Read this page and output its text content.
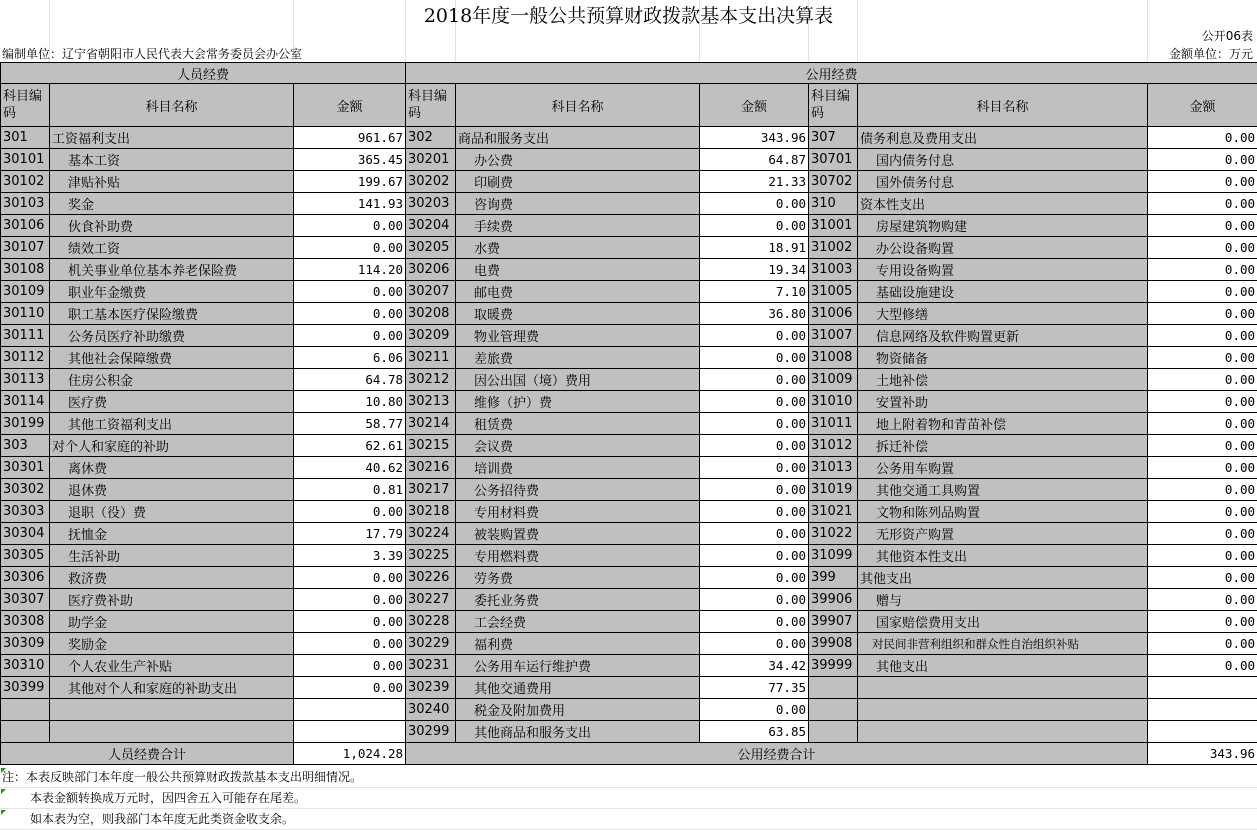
2018年度一般公共预算财政拨款基本支出决算表
公开06表
编制单位：辽宁省朝阳市人民代表大会常务委员会办公室	金额单位：万元
人员经费			公用经费					
科目编码	科目名称	金额	科目编码	科目名称	金额	科目编码	科目名称	金额
301	工资福利支出	961.67	302	商品和服务支出	343.96	307	债务利息及费用支出	0.00
30101	基本工资	365.45	30201	办公费	64.87	30701	国内债务付息	0.00
30102	津贴补贴	199.67	30202	印刷费	21.33	30702	国外债务付息	0.00
30103	奖金	141.93	30203	咨询费	0.00	310	资本性支出	0.00
30106	伙食补助费	0.00	30204	手续费	0.00	31001	房屋建筑物购建	0.00
30107	绩效工资	0.00	30205	水费	18.91	31002	办公设备购置	0.00
30108	机关事业单位基本养老保险费	114.20	30206	电费	19.34	31003	专用设备购置	0.00
30109	职业年金缴费	0.00	30207	邮电费	7.10	31005	基础设施建设	0.00
30110	职工基本医疗保险缴费	0.00	30208	取暖费	36.80	31006	大型修缮	0.00
30111	公务员医疗补助缴费	0.00	30209	物业管理费	0.00	31007	信息网络及软件购置更新	0.00
30112	其他社会保障缴费	6.06	30211	差旅费	0.00	31008	物资储备	0.00
30113	住房公积金	64.78	30212	因公出国（境）费用	0.00	31009	土地补偿	0.00
30114	医疗费	10.80	30213	维修（护）费	0.00	31010	安置补助	0.00
30199	其他工资福利支出	58.77	30214	租赁费	0.00	31011	地上附着物和青苗补偿	0.00
303	对个人和家庭的补助	62.61	30215	会议费	0.00	31012	拆迁补偿	0.00
30301	离休费	40.62	30216	培训费	0.00	31013	公务用车购置	0.00
30302	退休费	0.81	30217	公务招待费	0.00	31019	其他交通工具购置	0.00
30303	退职（役）费	0.00	30218	专用材料费	0.00	31021	文物和陈列品购置	0.00
30304	抚恤金	17.79	30224	被装购置费	0.00	31022	无形资产购置	0.00
30305	生活补助	3.39	30225	专用燃料费	0.00	31099	其他资本性支出	0.00
30306	救济费	0.00	30226	劳务费	0.00	399	其他支出	0.00
30307	医疗费补助	0.00	30227	委托业务费	0.00	39906	赠与	0.00
30308	助学金	0.00	30228	工会经费	0.00	39907	国家赔偿费用支出	0.00
30309	奖励金	0.00	30229	福利费	0.00	39908	对民间非营利组织和群众性自治组织补贴	0.00
30310	个人农业生产补贴	0.00	30231	公务用车运行维护费	34.42	39999	其他支出	0.00
30399	其他对个人和家庭的补助支出	0.00	30239	其他交通费用	77.35			
			30240	税金及附加费用	0.00			
			30299	其他商品和服务支出	63.85			
人员经费合计		1,024.28	公用经费合计					343.96
注：本表反映部门本年度一般公共预算财政拨款基本支出明细情况。
本表金额转换成万元时，因四舍五入可能存在尾差。
如本表为空，则我部门本年度无此类资金收支余。
